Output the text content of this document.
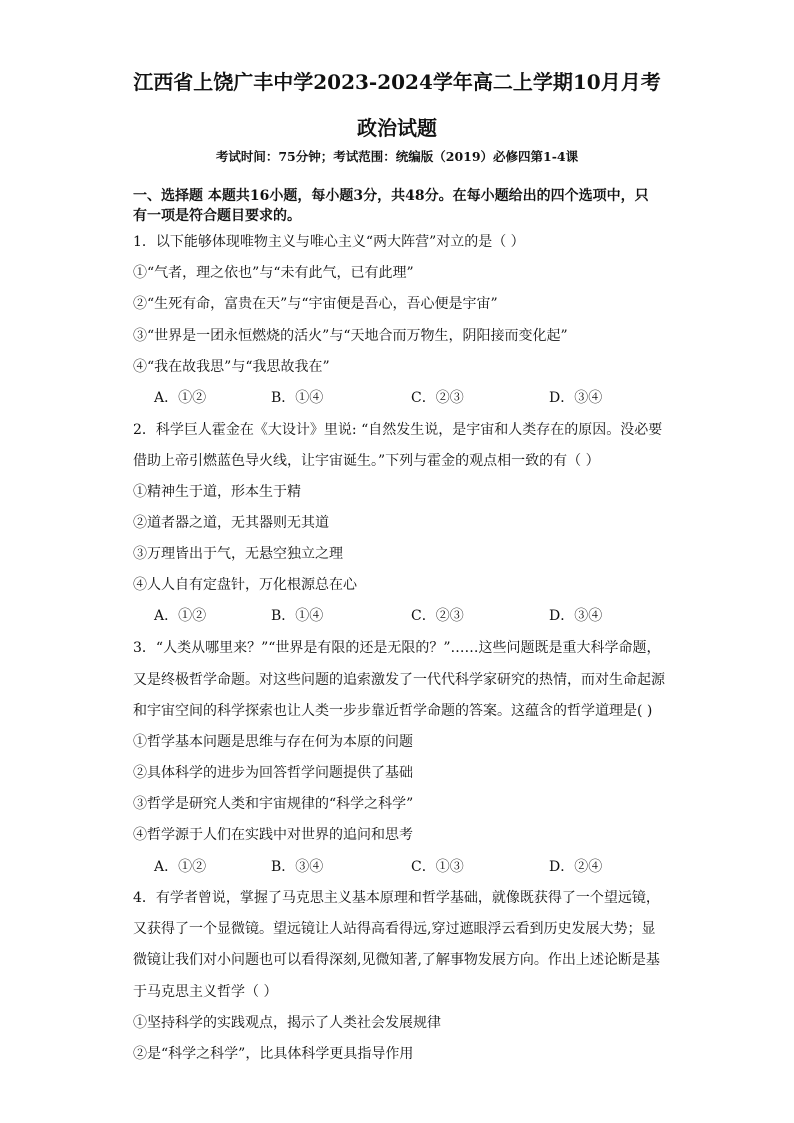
江西省上饶广丰中学2023-2024学年高二上学期10月月考
政治试题
考试时间：75分钟；考试范围：统编版（2019）必修四第1-4课
一、选择题 本题共16小题，每小题3分，共48分。在每小题给出的四个选项中，只
有一项是符合题目要求的。
1．以下能够体现唯物主义与唯心主义“两大阵营”对立的是（ ）
①“气者，理之依也”与“未有此气，已有此理”
②“生死有命，富贵在天”与“宇宙便是吾心，吾心便是宇宙”
③“世界是一团永恒燃烧的活火”与“天地合而万物生，阴阳接而变化起”
④“我在故我思”与“我思故我在”
A．①②	B．①④	C．②③	D．③④
2．科学巨人霍金在《大设计》里说: “自然发生说，是宇宙和人类存在的原因。没必要
借助上帝引燃蓝色导火线，让宇宙诞生。”下列与霍金的观点相一致的有（ ）
①精神生于道，形本生于精
②道者器之道，无其器则无其道
③万理皆出于气，无悬空独立之理
④人人自有定盘针，万化根源总在心
A．①②	B．①④	C．②③	D．③④
3．“人类从哪里来？”“世界是有限的还是无限的？”……这些问题既是重大科学命题，
又是终极哲学命题。对这些问题的追索激发了一代代科学家研究的热情，而对生命起源
和宇宙空间的科学探索也让人类一步步靠近哲学命题的答案。这蕴含的哲学道理是( )
①哲学基本问题是思维与存在何为本原的问题
②具体科学的进步为回答哲学问题提供了基础
③哲学是研究人类和宇宙规律的“科学之科学”
④哲学源于人们在实践中对世界的追问和思考
A．①②	B．③④	C．①③	D．②④
4．有学者曾说，掌握了马克思主义基本原理和哲学基础，就像既获得了一个望远镜，
又获得了一个显微镜。望远镜让人站得高看得远,穿过遮眼浮云看到历史发展大势；显
微镜让我们对小问题也可以看得深刻,见微知著,了解事物发展方向。作出上述论断是基
于马克思主义哲学（ ）
①坚持科学的实践观点，揭示了人类社会发展规律
②是“科学之科学”，比具体科学更具指导作用
